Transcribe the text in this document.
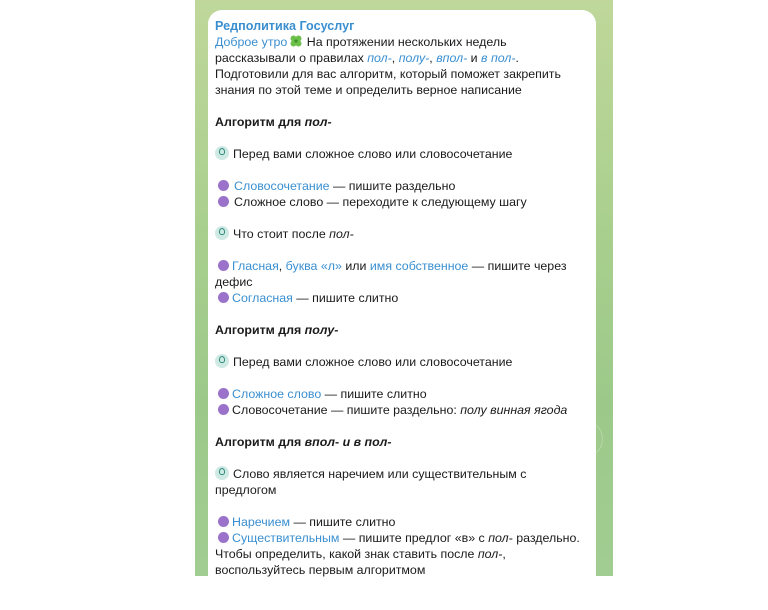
Редполитика Госуслуг

Доброе утро На протяжении нескольких недель рассказывали о правилах пол-, полу-, впол- и в пол-. Подготовили для вас алгоритм, который поможет закрепить знания по этой теме и определить верное написание

Алгоритм для пол-

Перед вами сложное слово или словосочетание

Словосочетание — пишите раздельно

Сложное слово — переходите к следующему шагу

Что стоит после пол-

Гласная, буква «л» или имя собственное — пишите через дефис

Согласная — пишите слитно

Алгоритм для полу-

Перед вами сложное слово или словосочетание

Сложное слово — пишите слитно

Словосочетание — пишите раздельно: полу винная ягода

Алгоритм для впол- и в пол-

Слово является наречием или существительным с предлогом

Наречием — пишите слитно

Существительным — пишите предлог «в» с пол- раздельно. Чтобы определить, какой знак ставить после пол-, воспользуйтесь первым алгоритмом
